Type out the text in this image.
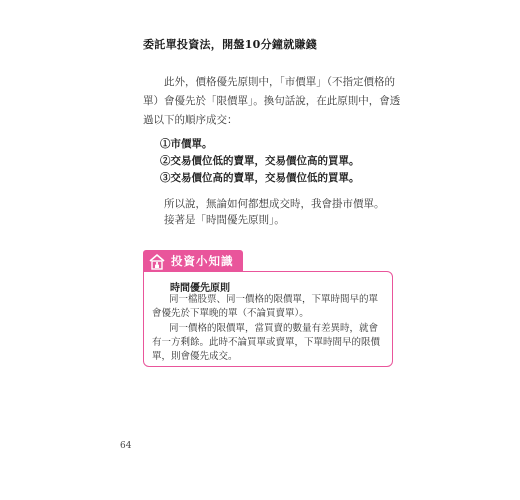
委託單投資法，開盤10分鐘就賺錢
此外，價格優先原則中，「市價單」（不指定價格的單）會優先於「限價單」。換句話說，在此原則中，會透過以下的順序成交：
①市價單。
②交易價位低的賣單，交易價位高的買單。
③交易價位高的賣單，交易價位低的買單。
所以說，無論如何都想成交時，我會掛市價單。
接著是「時間優先原則」。
投資小知識
時間優先原則
同一檔股票、同一價格的限價單，下單時間早的單會優先於下單晚的單（不論買賣單）。
同一價格的限價單，當買賣的數量有差異時，就會有一方剩餘。此時不論買單或賣單，下單時間早的限價單，則會優先成交。
64
